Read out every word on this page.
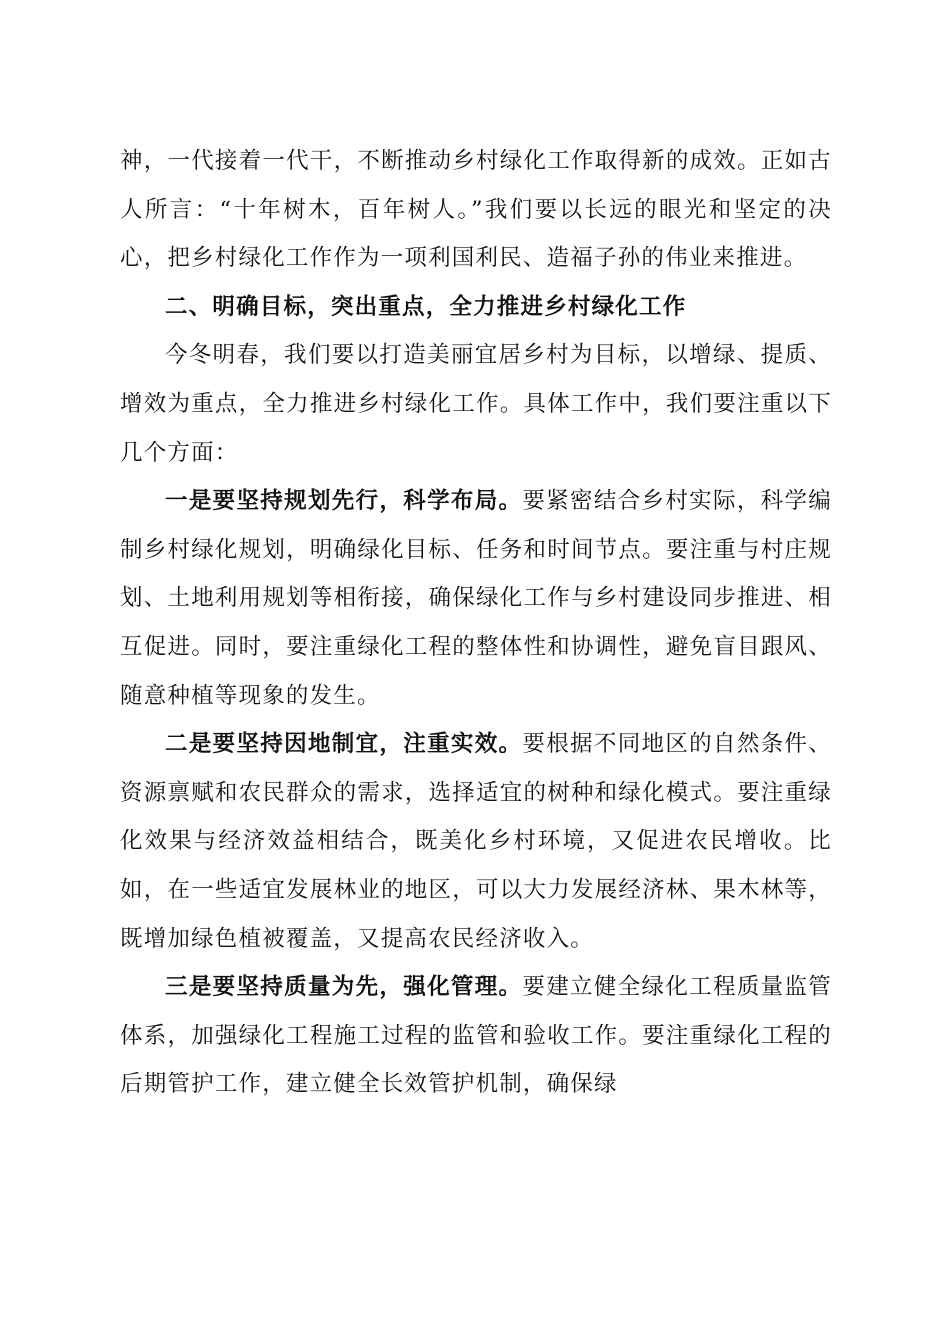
神，一代接着一代干，不断推动乡村绿化工作取得新的成效。正如古人所言：“十年树木，百年树人。”我们要以长远的眼光和坚定的决心，把乡村绿化工作作为一项利国利民、造福子孙的伟业来推进。

二、明确目标，突出重点，全力推进乡村绿化工作

今冬明春，我们要以打造美丽宜居乡村为目标，以增绿、提质、增效为重点，全力推进乡村绿化工作。具体工作中，我们要注重以下几个方面：

一是要坚持规划先行，科学布局。要紧密结合乡村实际，科学编制乡村绿化规划，明确绿化目标、任务和时间节点。要注重与村庄规划、土地利用规划等相衔接，确保绿化工作与乡村建设同步推进、相互促进。同时，要注重绿化工程的整体性和协调性，避免盲目跟风、随意种植等现象的发生。

二是要坚持因地制宜，注重实效。要根据不同地区的自然条件、资源禀赋和农民群众的需求，选择适宜的树种和绿化模式。要注重绿化效果与经济效益相结合，既美化乡村环境，又促进农民增收。比如，在一些适宜发展林业的地区，可以大力发展经济林、果木林等，既增加绿色植被覆盖，又提高农民经济收入。

三是要坚持质量为先，强化管理。要建立健全绿化工程质量监管体系，加强绿化工程施工过程的监管和验收工作。要注重绿化工程的后期管护工作，建立健全长效管护机制，确保绿
